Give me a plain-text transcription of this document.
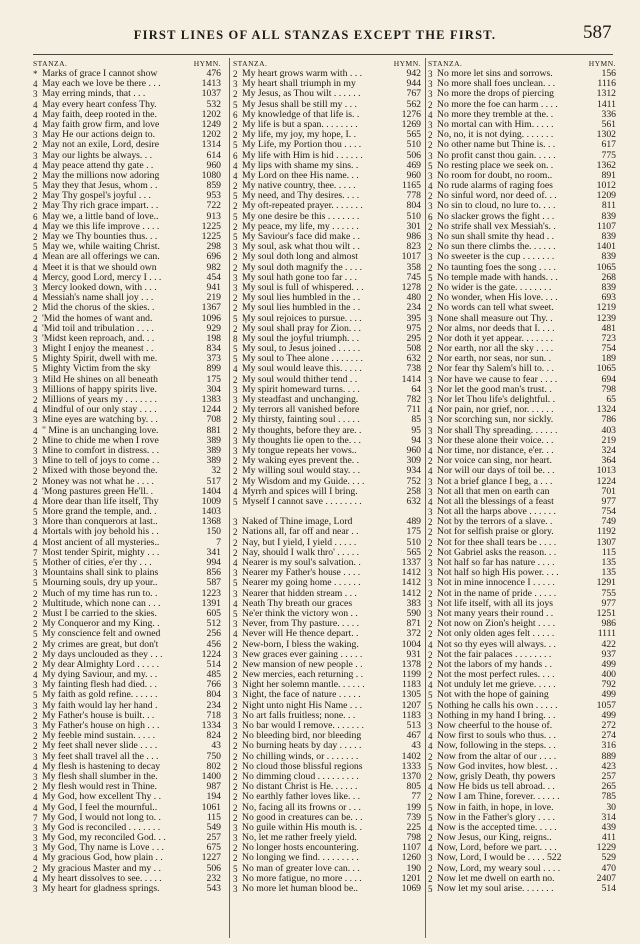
FIRST LINES OF ALL STANZAS EXCEPT THE FIRST.	587
STANZA.	HYMN.
* Marks of grace I cannot show	476
4 May each we love be there . . .	1413
3 May erring minds, that . . .	1037
4 May every heart confess Thy.	532
4 May faith, deep rooted in the.	1202
4 May faith grow firm, and love	1249
3 May He our actions deign to.	1202
2 May not an exile, Lord, desire	1314
3 May our lights be always. . .	614
4 May peace attend thy gate . .	960
2 May the millions now adoring	1080
5 May they that Jesus, whom . .	859
2 May Thy gospel's joyful . . .	953
2 May Thy rich grace impart. . .	722
6 May we, a little band of love..	913
4 May we this life improve . . . .	1225
2 May we Thy bounties thus. . .	1225
5 May we, while waiting Christ.	298
4 Mean are all offerings we can.	696
4 Meet it is that we should own	982
4 Mercy, good Lord, mercy I . . .	454
3 Mercy looked down, with . . .	941
4 Messiah's name shall joy . . .	219
2 Mid the chorus of the skies. .	1367
2 'Mid the homes of want and.	1096
4 'Mid toil and tribulation . . . .	929
3 'Midst keen reproach, and. . .	198
3 Might I enjoy the meanest . .	834
5 Mighty Spirit, dwell with me.	373
5 Mighty Victim from the sky	899
3 Mild He shines on all beneath	175
3 Millions of happy spirits live.	304
2 Millions of years my . . . . . . .	1383
4 Mindful of our only stay . . . .	1244
3 Mine eyes are watching by. . .	708
4 " Mine is an unchanging love.	881
2 Mine to chide me when I rove	389
3 Mine to comfort in distress. . .	389
3 Mine to tell of joys to come . .	389
2 Mixed with those beyond the.	32
2 Money was not what he . . . .	517
4 'Mong pastures green He'll. .	1404
4 More dear than life itself, Thy	1009
5 More grand the temple, and. .	1403
3 More than conquerors at last..	1368
4 Mortals with joy behold his . .	150
4 Most ancient of all mysteries..	7
7 Most tender Spirit, mighty . . .	341
5 Mother of cities, e'er thy . . .	994
3 Mountains shall sink to plains	856
5 Mourning souls, dry up your..	587
2 Much of my time has run to. .	1223
2 Multitude, which none can . . .	1391
2 Must I be carried to the skies.	605
2 My Conqueror and my King. .	512
5 My conscience felt and owned	256
2 My crimes are great, but don't	456
2 My days unclouded as they . . .	1224
2 My dear Almighty Lord . . . . .	514
4 My dying Saviour, and my. . .	485
3 My fainting flesh had died. . .	766
5 My faith as gold refine. . . . . .	804
3 My faith would lay her hand .	234
2 My Father's house is built. . .	718
3 My Father's house on high . . .	1334
2 My feeble mind sustain. . . . .	824
2 My feet shall never slide . . . .	43
3 My feet shall travel all the . . .	750
4 My flesh is hastening to decay	802
3 My flesh shall slumber in the.	1400
2 My flesh would rest in Thine.	987
4 My God, how excellent Thy . .	194
4 My God, I feel the mournful..	1061
7 My God, I would not long to. .	115
3 My God is reconciled . . . . . . .	549
3 My God, my reconciled God. . .	257
3 My God, Thy name is Love . . .	675
4 My gracious God, how plain . .	1227
2 My gracious Master and my . .	506
4 My heart dissolves to see. . . . .	232
3 My heart for gladness springs.	543
STANZA.	HYMN.
2 My heart grows warm with . . .	942
3 My heart shall triumph in my	944
2 My Jesus, as Thou wilt . . . . . .	767
5 My Jesus shall be still my . . .	562
6 My knowledge of that life is. .	1276
2 My life is but a span. . . . . . . .	1269
2 My life, my joy, my hope, I. .	565
5 My Life, my Portion thou . . . .	510
6 My life with Him is hid . . . . . .	506
4 My lips with shame my sins. .	469
4 My Lord on thee His name. . .	960
2 My native country, thee. . . . .	1165
5 My need, and Thy desires. . . .	778
2 My oft-repeated prayer. . . . . . .	804
5 My one desire be this . . . . . . .	510
2 My peace, my life, my . . . . . .	301
5 My Saviour's face did make . .	986
3 My soul, ask what thou wilt . .	823
2 My soul doth long and almost	1017
2 My soul doth magnify the . . . .	358
3 My soul hath gone too far . . .	745
3 My soul is full of whispered. . .	1278
2 My soul lies humbled in the . .	480
2 My soul lies humbled in the . .	234
5 Ṃy soul rejoices to pursue. . . .	395
2 My soul shall pray for Zion. . .	975
8 My soul the joyful triumph. . .	295
5 My soul, to Jesus joined . . . . .	508
5 My soul to Thee alone . . . . . . .	632
4 My soul would leave this. . . . .	738
2 My soul would thither tend . .	1414
3 My spirit homeward turns. . . .	64
3 My steadfast and unchanging.	782
2 My terrors all vanished before	711
2 My thirsty, fainting soul . . . . .	85
2 My thoughts, before they are. .	95
3 My thoughts lie open to the. . .	94
3 My tongue repeats her vows..	960
2 My waking eyes prevent the. .	309
2 My willing soul would stay. . .	934
2 My Wisdom and my Guide. . . .	752
4 Myrrh and spices will I bring.	258
5 Myself I cannot save . . . . . . . .	632
3 Naked of Thine image, Lord	489
2 Nations all, far off and near . .	175
2 Nay, but I yield, I yield . . . . .	510
2 Nay, should I walk thro' . . . . .	565
4 Nearer is my soul's salvation. .	1337
3 Nearer my Father's house . . . .	1412
5 Nearer my going home . . . . . .	1412
3 Nearer that hidden stream . . .	1412
4 Neath Thy breath our graces	383
5 Ne'er think the victory won . .	590
3 Never, from Thy pasture. . . . .	871
4 Never will He thence depart. .	372
2 New-born, I bless the waking.	1004
3 New graces ever gaining . . . . .	931
2 New mansion of new people . .	1378
2 New mercies, each returning . .	1199
3 Night her solemn mantle. . . . . .	1183
3 Night, the face of nature . . . . .	1305
2 Night unto night His Name . . .	1207
3 No art falls fruitless; none. . .	1183
3 No bar would I remove. . . . . . .	513
2 No bleeding bird, nor bleeding	467
2 No burning heats by day . . . . .	43
2 No chilling winds, or . . . . . . .	1402
2 No cloud those blissful regions	1333
2 No dimming cloud . . . . . . . . .	1370
2 No distant Christ is He. . . . . .	805
2 No earthly father loves like. . .	77
2 No, facing all its frowns or . . .	199
2 No good in creatures can be. . .	739
3 No guile within His mouth is. .	225
3 No, let me rather freely yield.	798
2 No longer hosts encountering.	1107
2 No longing we find. . . . . . . . .	1260
5 No man of greater love can. . .	190
3 No more fatigue, no more . . . .	1201
3 No more let human blood be..	1069
STANZA.	HYMN.
3 No more let sins and sorrows.	156
3 No more shall foes unclean. . .	1116
3 No more the drops of piercing	1312
2 No more the foe can harm . . . .	1411
4 No more they tremble at the. .	336
3 No mortal can with Him. . . . .	561
2 No, no, it is not dying. . . . . . .	1302
2 No other name but Thine is. . .	617
3 No profit canst thou gain. . . . .	775
5 No resting place we seek on. .	1362
3 No room for doubt, no room..	891
4 No rude alarms of raging foes	1012
2 No sinful word, nor deed of. . .	1209
3 No sin to cloud, no lure to. . . .	811
6 No slacker grows the fight . . .	839
2 No strife shall vex Messiah's. .	1107
3 No sun shall smite thy head . .	839
2 No sun there climbs the. . . . . .	1401
3 No sweeter is the cup . . . . . . .	839
2 No taunting foes the song . . . .	1065
5 No temple made with hands. . .	268
2 No wider is the gate. . . . . . . .	839
2 No wonder, when His love. . . .	693
2 No words can tell what sweet.	1219
3 None shall measure out Thy. .	1239
2 Nor alms, nor deeds that I. . . .	481
2 Nor doth it yet appear. . . . . . .	723
2 Nor earth, nor all the sky . . . .	754
2 Nor earth, nor seas, nor sun. .	189
2 Nor fear thy Salem's hill to. . .	1065
3 Nor have we cause to fear . . . .	694
3 Nor let the good man's trust. .	798
3 Nor let Thou life's delightful. .	65
4 Nor pain, nor grief, nor. . . . . .	1324
3 Nor scorching sun, nor sickly.	786
3 Nor shall Thy spreading. . . . . .	403
3 Nor these alone their voice. . .	219
4 Nor time, nor distance, e'er. . .	324
2 Nor voice can sing, nor heart.	364
4 Nor will our days of toil be. . .	1013
3 Not a brief glance I beg, a . . .	1224
3 Not all that men on earth can	701
4 Not all the blessings of a feast	977
3 Not all the harps above . . . . . .	754
2 Not by the terrors of a slave. .	749
2 Not for selfish praise or glory.	1192
2 Not for thee shall tears be . . . .	1307
2 Not Gabriel asks the reason. . .	115
3 Not half so far has nature . . . .	135
3 Not half so high His power. . . .	135
3 Not in mine innocence I . . . . .	1291
2 Not in the name of pride . . . . .	755
3 Not life itself, with all its joys	977
3 Not many years their round . .	1251
2 Not now on Zion's height . . . .	986
2 Not only olden ages felt . . . . .	1111
4 Not so thy eyes will always. . .	422
2 Not the fair palaces . . . . . . . .	937
2 Not the labors of my hands . .	499
2 Not the most perfect rules. . . .	400
4 Not unduly let me grieve. . . . .	792
5 Not with the hope of gaining	499
5 Nothing he calls his own . . . . .	1057
3 Nothing in my hand I bring. . .	499
3 Now cheerful to the house of.	272
4 Now first to souls who thus. . .	274
4 Now, following in the steps. . .	316
2 Now from the altar of our . . . .	889
5 Now God invites, how blest. . .	423
2 Now, grisly Death, thy powers	257
4 Now He bids us tell abroad. . .	265
2 Now I am Thine, forever. . . . . .	785
5 Now in faith, in hope, in love.	30
5 Now in the Father's glory . . . .	314
4 Now is the accepted time. . . . .	439
2 Now Jesus, our King, reigns..	411
4 Now, Lord, before we part. . . .	1229
3 Now, Lord, I would be . . . . 522	529
2 Now, Lord, my weary soul . . . .	470
2 Now let me dwell on earth no.	2407
5 Now let my soul arise. . . . . . .	514
